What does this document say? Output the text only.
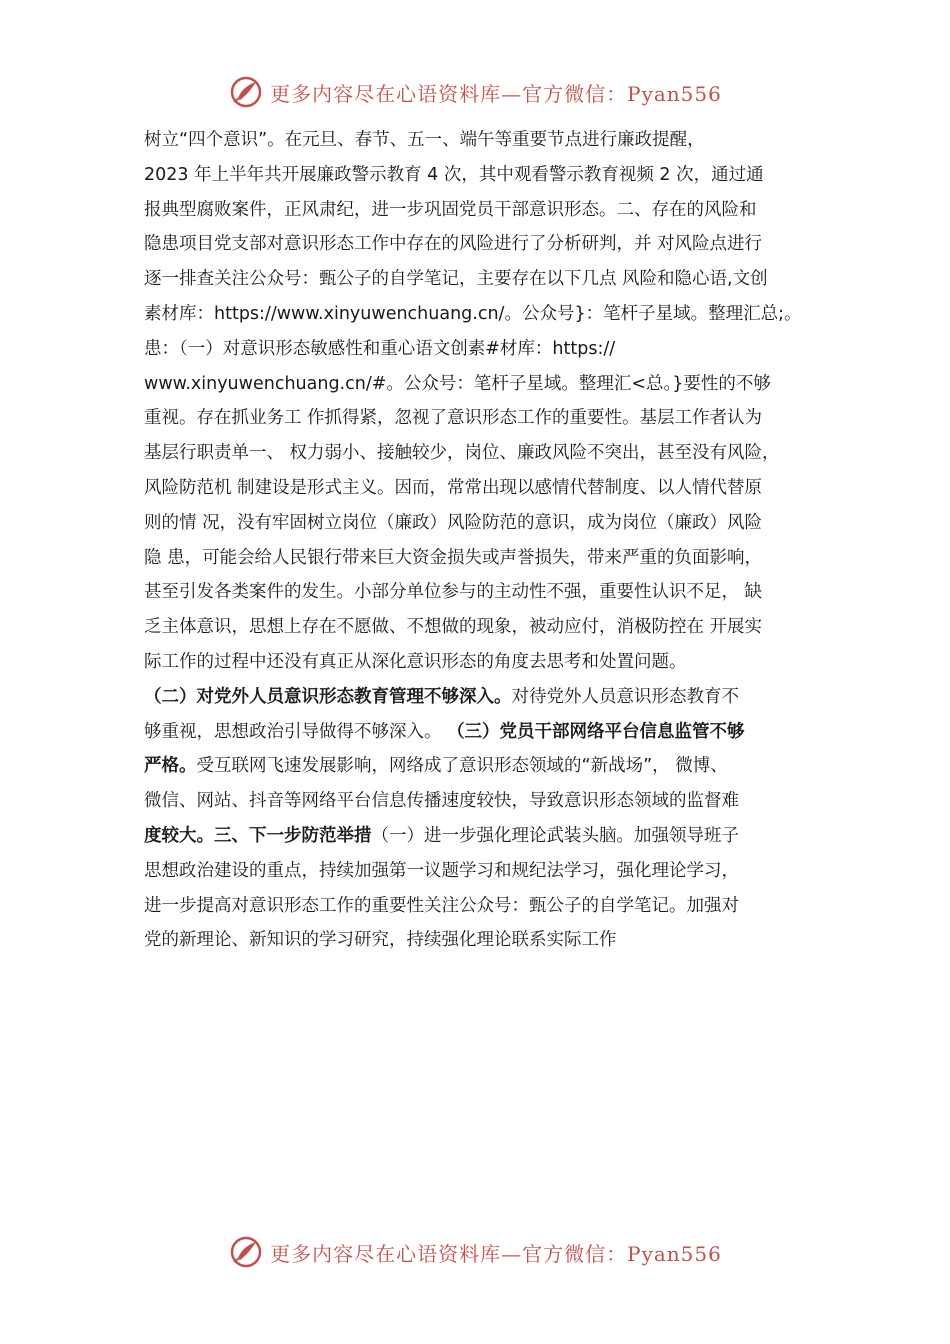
更多内容尽在心语资料库—官方微信：Pyan556
树立“四个意识”。在元旦、春节、五一、端午等重要节点进行廉政提醒，
2023 年上半年共开展廉政警示教育 4 次，其中观看警示教育视频 2 次，通过通
报典型腐败案件，正风肃纪，进一步巩固党员干部意识形态。二、存在的风险和
隐患项目党支部对意识形态工作中存在的风险进行了分析研判，并 对风险点进行
逐一排查关注公众号：甄公子的自学笔记，主要存在以下几点 风险和隐心语,文创
素材库：https://www.xinyuwenchuang.cn/。公众号}：笔杆子星域。整理汇总;。
患：（一）对意识形态敏感性和重心语文创素#材库：https://
www.xinyuwenchuang.cn/#。公众号：笔杆子星域。整理汇<总。}要性的不够
重视。存在抓业务工 作抓得紧，忽视了意识形态工作的重要性。基层工作者认为
基层行职责单一、 权力弱小、接触较少，岗位、廉政风险不突出，甚至没有风险，
风险防范机 制建设是形式主义。因而，常常出现以感情代替制度、以人情代替原
则的情 况，没有牢固树立岗位（廉政）风险防范的意识，成为岗位（廉政）风险
隐 患，可能会给人民银行带来巨大资金损失或声誉损失，带来严重的负面影响，
甚至引发各类案件的发生。小部分单位参与的主动性不强，重要性认识不足， 缺
乏主体意识，思想上存在不愿做、不想做的现象，被动应付，消极防控在 开展实
际工作的过程中还没有真正从深化意识形态的角度去思考和处置问题。
（二）对党外人员意识形态教育管理不够深入。对待党外人员意识形态教育不
够重视，思想政治引导做得不够深入。 （三）党员干部网络平台信息监管不够
严格。受互联网飞速发展影响，网络成了意识形态领域的“新战场”， 微博、
微信、网站、抖音等网络平台信息传播速度较快，导致意识形态领域的监督难
度较大。三、下一步防范举措（一）进一步强化理论武装头脑。加强领导班子
思想政治建设的重点，持续加强第一议题学习和规纪法学习，强化理论学习，
进一步提高对意识形态工作的重要性关注公众号：甄公子的自学笔记。加强对
党的新理论、新知识的学习研究，持续强化理论联系实际工作
更多内容尽在心语资料库—官方微信：Pyan556
